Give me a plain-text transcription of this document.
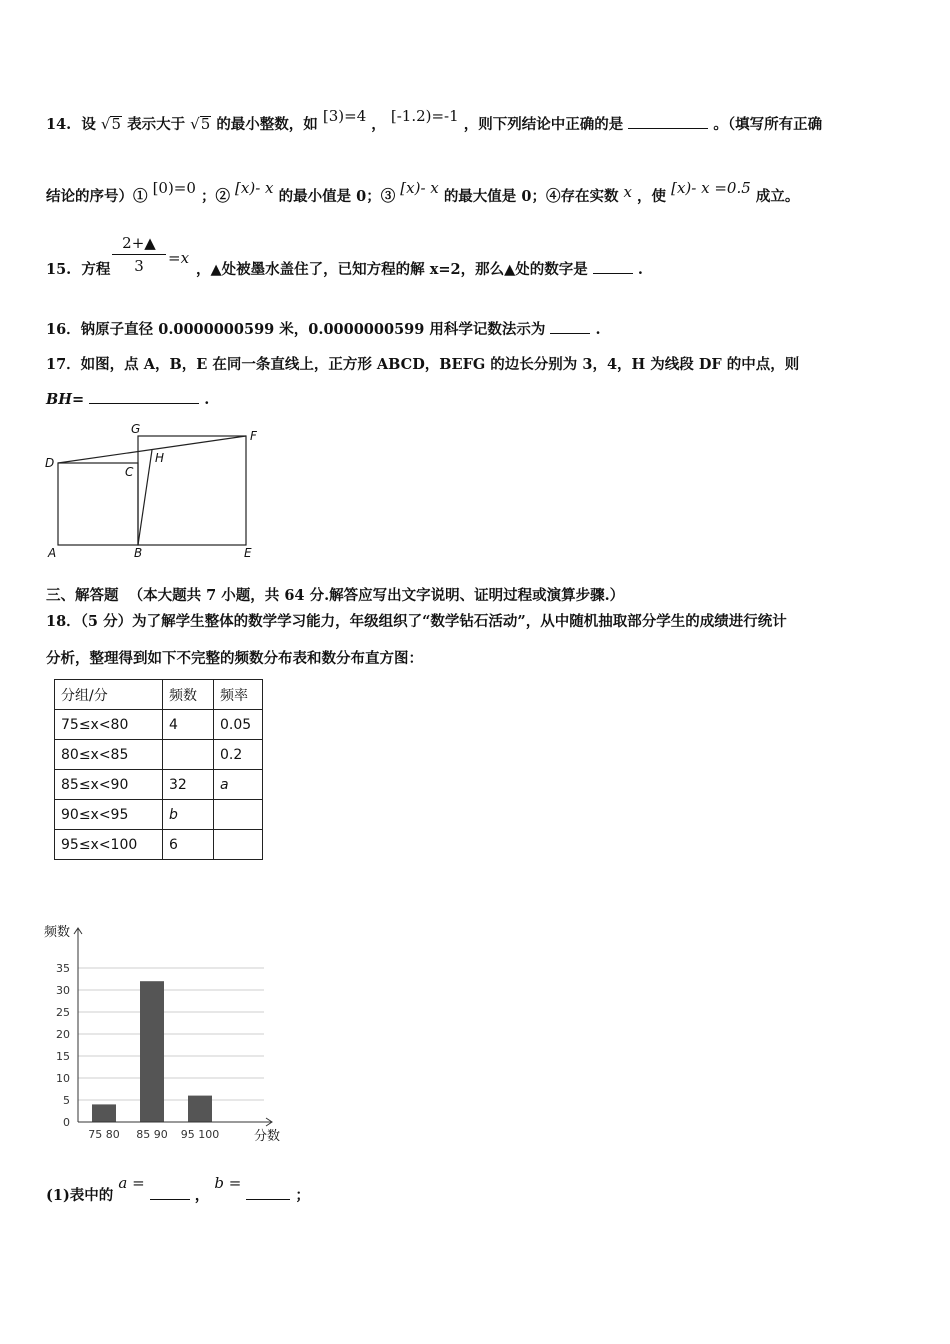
14. 设 √5 表示大于 √5 的最小整数，如 [3)=4 ， [-1.2)=-1 ，则下列结论中正确的是	。（填写所有正确
结论的序号）① [0)=0 ；② [x)- x 的最小值是 0；③ [x)- x 的最大值是 0；④存在实数 x ，使 [x)- x =0.5 成立。
15. 方程 $\frac{2+▲}{3} =x$
，▲处被墨水盖住了，已知方程的解 x=2，那么▲处的数字是	.
16．钠原子直径 0.0000000599 米，0.0000000599 用科学记数法示为	.
17．如图，点 A，B，E 在同一条直线上，正方形 ABCD，BEFG 的边长分别为 3，4，H 为线段 DF 的中点，则
BH=	.
G	F
D	H
C
A	B	E
三、解答题 （本大题共 7 小题，共 64 分.解答应写出文字说明、证明过程或演算步骤.）
18．（5 分）为了解学生整体的数学学习能力，年级组织了“数学钻石活动”，从中随机抽取部分学生的成绩进行统计
分析，整理得到如下不完整的频数分布表和数分布直方图：
分组/分	频数	频率
75≤x<80	4	0.05
80≤x<85		0.2
85≤x<90	32	a
90≤x<95	b	
95≤x<100	6	
0
5
10
15
20
25
30
35
75 80 85 90 95 100
频数
分数
(1)表中的 a =  ， b =  ；
